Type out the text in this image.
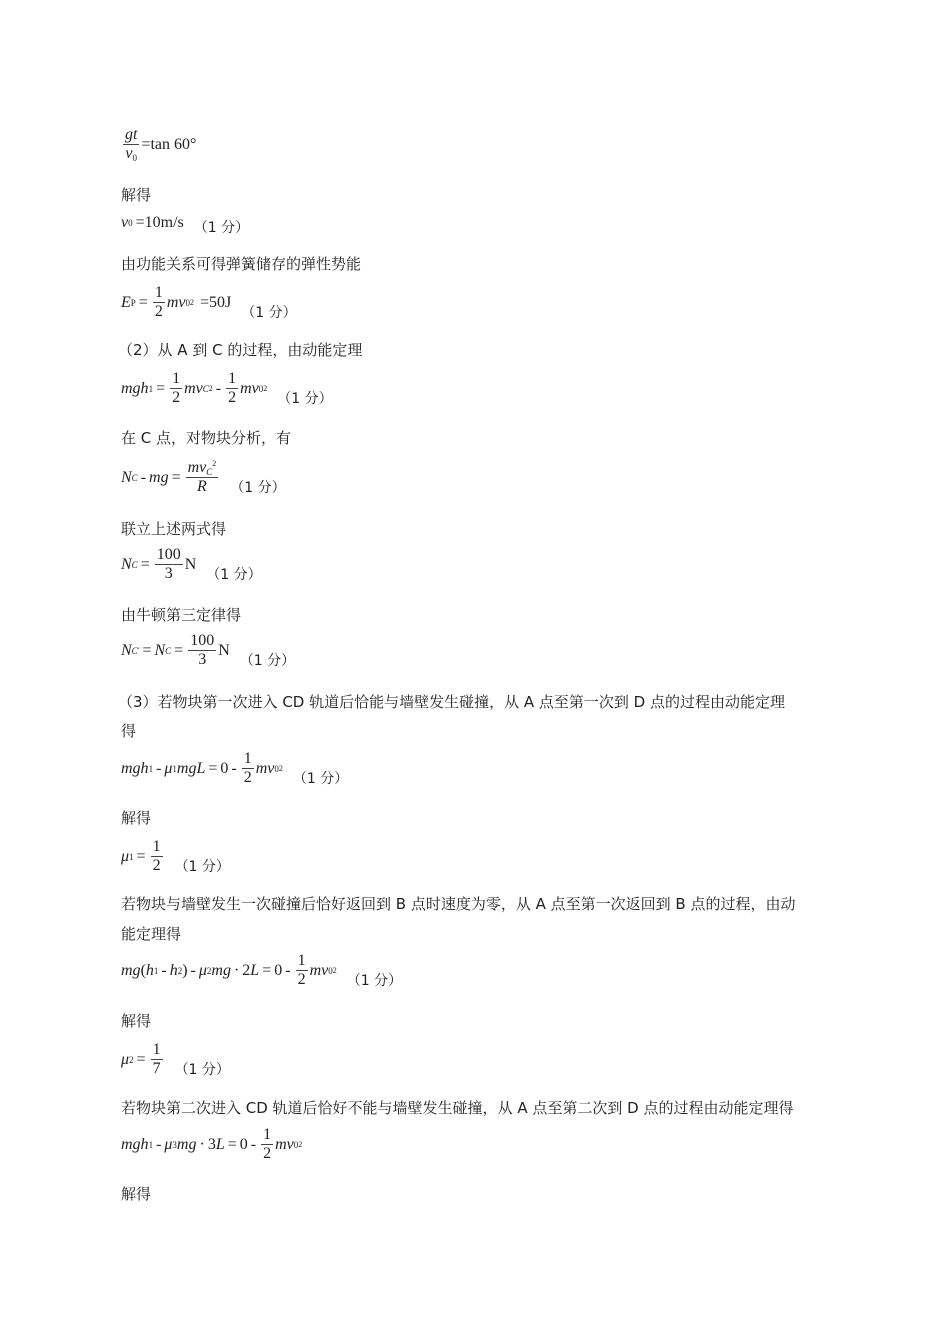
$\frac{gt}{v_0} =\tan$ 60°
解得
v 0 =10m/s （1 分）
由功能关系可得弹簧储存的弹性势能
E $P = \frac{1}{2}$ mv 0 2 =50J
（1 分）
（2）从 A 到 C 的过程，由动能定理
mgh $1 = \frac{1}{2}$ mv C $2 - \frac{1}{2}$ mv 0 2
（1 分）
在 C 点，对物块分析，有
N C - mg = $\frac{mv_C^2}{R} (1$ 分）
联立上述两式得
N $C = \frac{100}{3}$ N
（1 分）
由牛顿第三定律得
N C ′ = N $C = \frac{100}{3}$ N
（1 分）
（3）若物块第一次进入 CD 轨道后恰能与墙壁发生碰撞，从 A 点至第一次到 D 点的过程由动能定理
得
mgh 1 - μ 1 mgL = $0 - \frac{1}{2}$ mv 0 2
（1 分）
解得
μ $1 = \frac{1}{2} (1$ 分）
若物块与墙壁发生一次碰撞后恰好返回到 B 点时速度为零，从 A 点至第一次返回到 B 点的过程，由动
能定理得
mg ( h 1 - h 2 ) - μ 2 mg · 2 $L = 0 - \frac{1}{2}$ mv 0 2
（1 分）
解得
μ $2 = \frac{1}{7} (1$ 分）
若物块第二次进入 CD 轨道后恰好不能与墙壁发生碰撞，从 A 点至第二次到 D 点的过程由动能定理得
mgh 1 - μ 3 mg · 3 $L = 0 - \frac{1}{2}$ mv 0 2
解得
